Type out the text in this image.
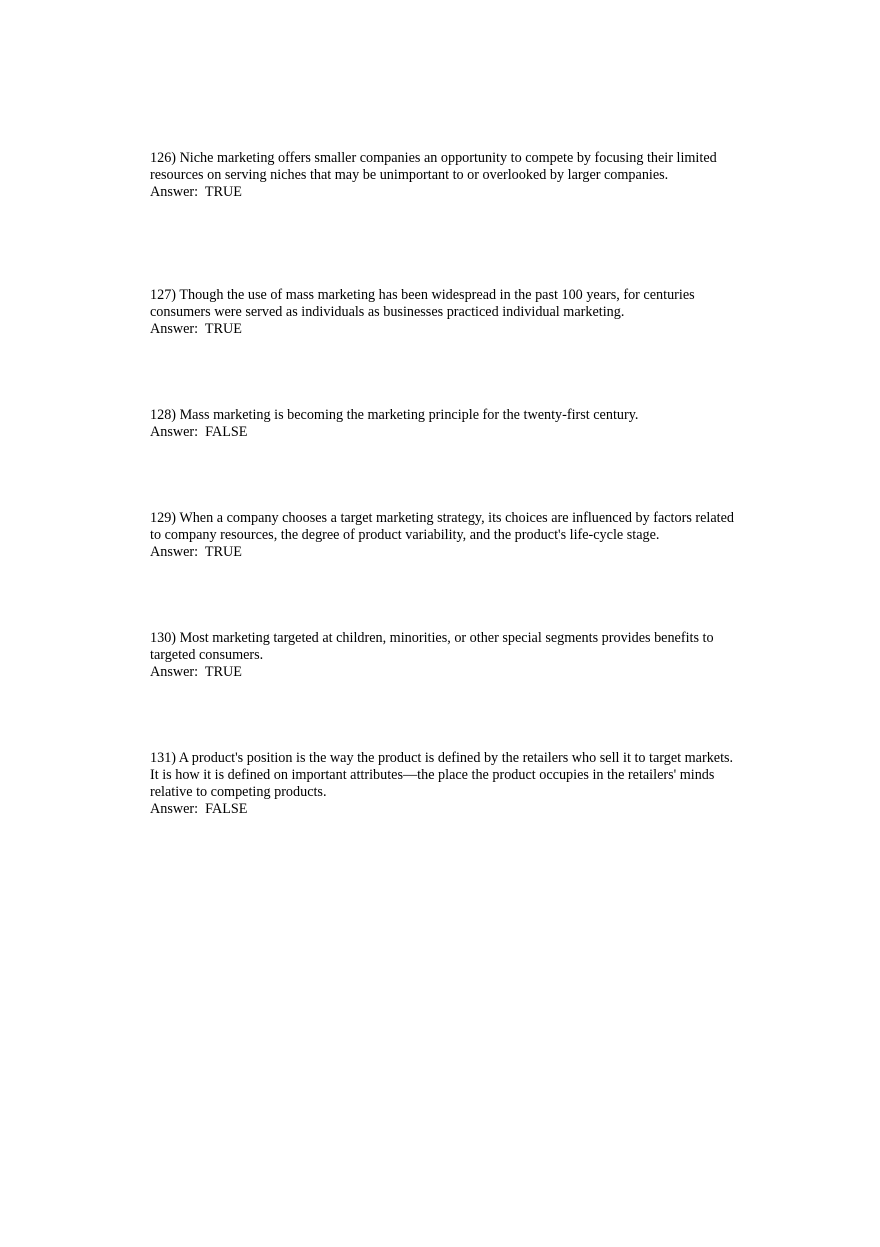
126) Niche marketing offers smaller companies an opportunity to compete by focusing their limited resources on serving niches that may be unimportant to or overlooked by larger companies.

Answer: TRUE

127) Though the use of mass marketing has been widespread in the past 100 years, for centuries consumers were served as individuals as businesses practiced individual marketing.

Answer: TRUE

128) Mass marketing is becoming the marketing principle for the twenty-first century.

Answer: FALSE

129) When a company chooses a target marketing strategy, its choices are influenced by factors related to company resources, the degree of product variability, and the product's life-cycle stage.

Answer: TRUE

130) Most marketing targeted at children, minorities, or other special segments provides benefits to targeted consumers.

Answer: TRUE

131) A product's position is the way the product is defined by the retailers who sell it to target markets. It is how it is defined on important attributes—the place the product occupies in the retailers' minds relative to competing products.

Answer: FALSE
